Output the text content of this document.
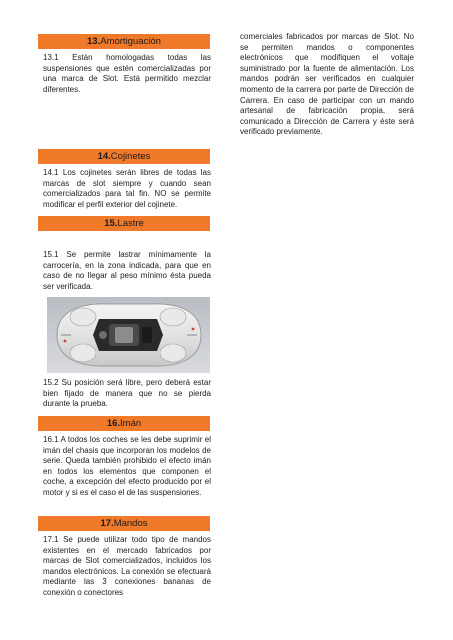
13.Amortiguación

13.1 Están homologadas todas las suspensiones que estén comercializadas por una marca de Slot. Está permitido mezclar diferentes.

14.Cojinetes

14.1 Los cojinetes serán libres de todas las marcas de slot siempre y cuando sean comercializados para tal fin. NO se permite modificar el perfil exterior del cojinete.

15.Lastre

15.1 Se permite lastrar mínimamente la carrocería, en la zona indicada, para que en caso de no llegar al peso mínimo ésta pueda ser verificada.

15.2 Su posición será libre, pero deberá estar bien fijado de manera que no se pierda durante la prueba.

16.Imán

16.1 A todos los coches se les debe suprimir el imán del chasis que incorporan los modelos de serie. Queda también prohibido el efecto imán en todos los elementos que componen el coche, a excepción del efecto producido por el motor y si es el caso el de las suspensiones.

17.Mandos

17.1 Se puede utilizar todo tipo de mandos existentes en el mercado fabricados por marcas de Slot comercializados, incluidos los mandos electrónicos. La conexión se efectuará mediante las 3 conexiones bananas de conexión o conectores

comerciales fabricados por marcas de Slot. No se permiten mandos o componentes electrónicos que modifiquen el voltaje suministrado por la fuente de alimentación. Los mandos podrán ser verificados en cualquier momento de la carrera por parte de Dirección de Carrera. En caso de participar con un mando artesanal de fabricación propia, será comunicado a Dirección de Carrera y éste será verificado previamente.
